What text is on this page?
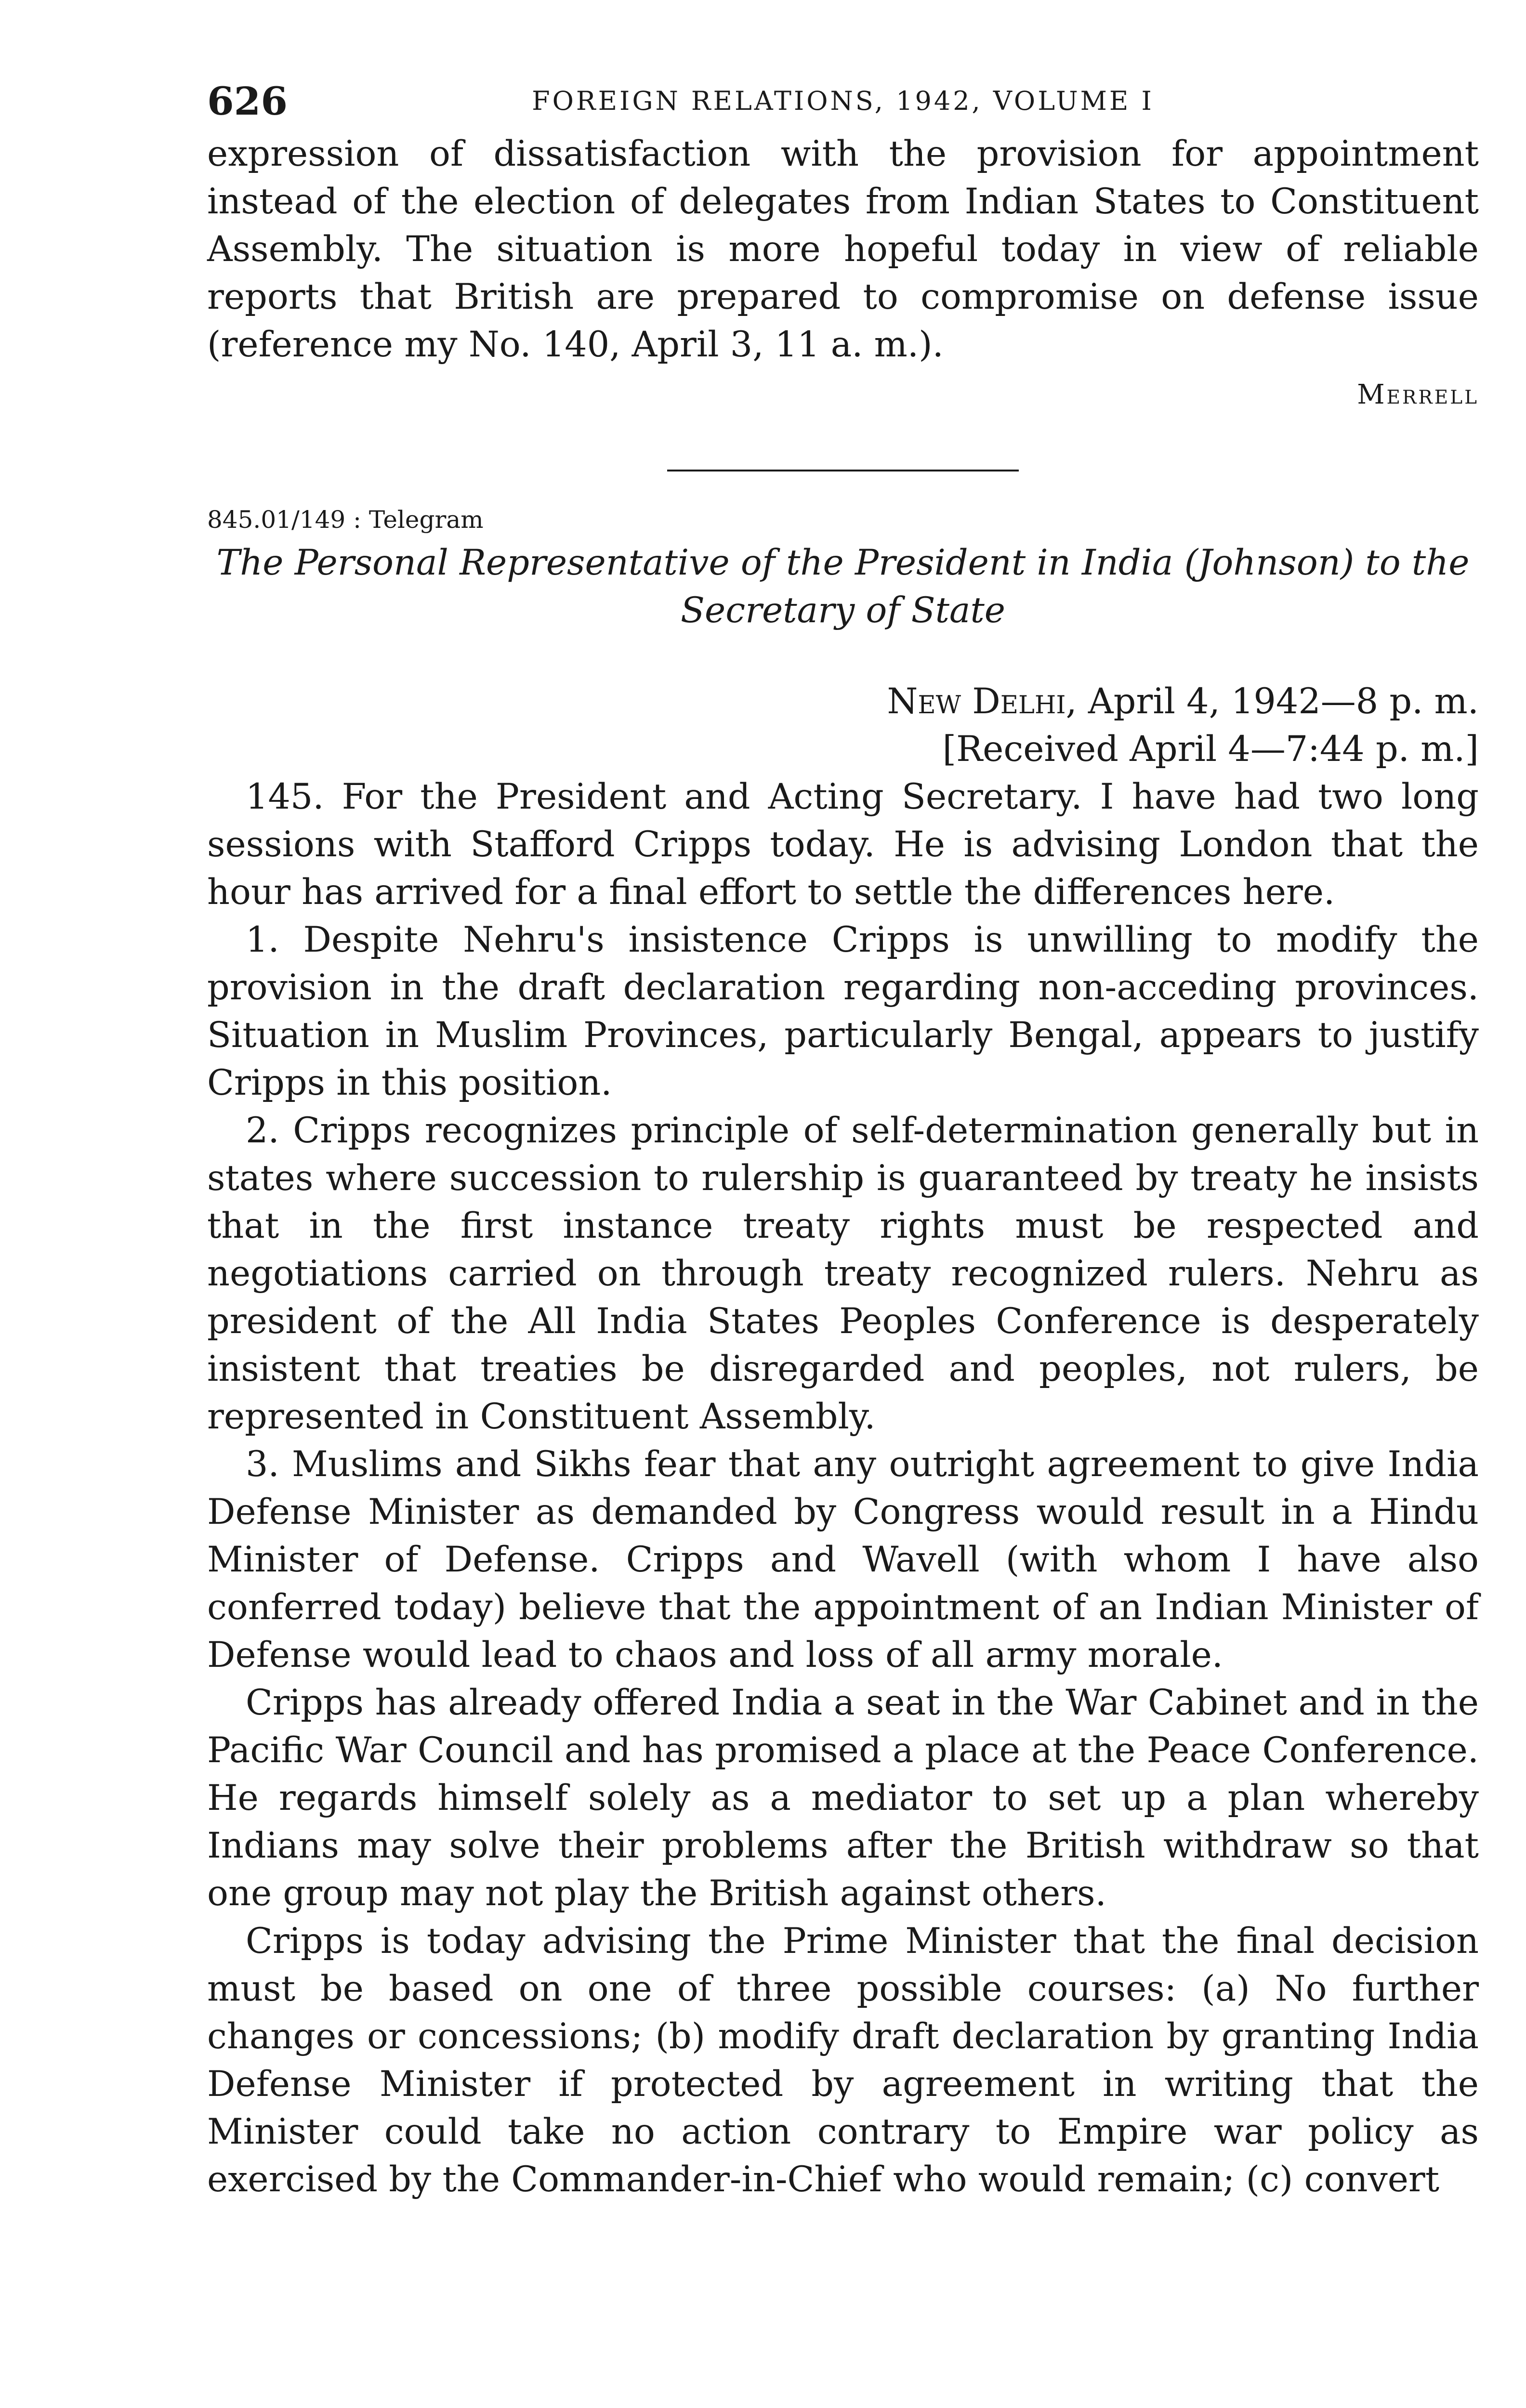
626	FOREIGN RELATIONS, 1942, VOLUME I

expression of dissatisfaction with the provision for appointment instead of the election of delegates from Indian States to Constituent Assembly. The situation is more hopeful today in view of reliable reports that British are prepared to compromise on defense issue (reference my No. 140, April 3, 11 a. m.).

Merrell
845.01/149 : Telegram

The Personal Representative of the President in India (Johnson) to the Secretary of State

New Delhi, April 4, 1942—8 p. m.
[Received April 4—7:44 p. m.]

145. For the President and Acting Secretary. I have had two long sessions with Stafford Cripps today. He is advising London that the hour has arrived for a final effort to settle the differences here.

1. Despite Nehru's insistence Cripps is unwilling to modify the provision in the draft declaration regarding non-acceding provinces. Situation in Muslim Provinces, particularly Bengal, appears to justify Cripps in this position.

2. Cripps recognizes principle of self-determination generally but in states where succession to rulership is guaranteed by treaty he insists that in the first instance treaty rights must be respected and negotiations carried on through treaty recognized rulers. Nehru as president of the All India States Peoples Conference is desperately insistent that treaties be disregarded and peoples, not rulers, be represented in Constituent Assembly.

3. Muslims and Sikhs fear that any outright agreement to give India Defense Minister as demanded by Congress would result in a Hindu Minister of Defense. Cripps and Wavell (with whom I have also conferred today) believe that the appointment of an Indian Minister of Defense would lead to chaos and loss of all army morale.

Cripps has already offered India a seat in the War Cabinet and in the Pacific War Council and has promised a place at the Peace Conference. He regards himself solely as a mediator to set up a plan whereby Indians may solve their problems after the British withdraw so that one group may not play the British against others.

Cripps is today advising the Prime Minister that the final decision must be based on one of three possible courses: (a) No further changes or concessions; (b) modify draft declaration by granting India Defense Minister if protected by agreement in writing that the Minister could take no action contrary to Empire war policy as exercised by the Commander-in-Chief who would remain; (c) convert
